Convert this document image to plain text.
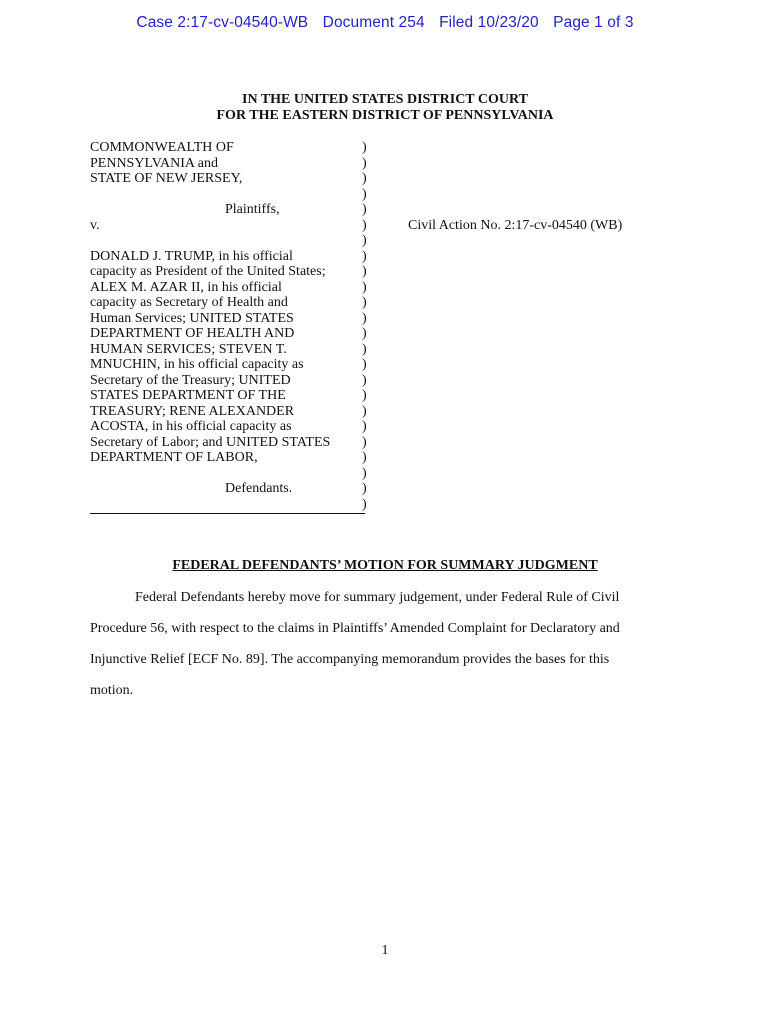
Case 2:17-cv-04540-WB Document 254 Filed 10/23/20 Page 1 of 3
IN THE UNITED STATES DISTRICT COURT
FOR THE EASTERN DISTRICT OF PENNSYLVANIA
COMMONWEALTH OF
PENNSYLVANIA and
STATE OF NEW JERSEY,
Plaintiffs,
v.
DONALD J. TRUMP, in his official
capacity as President of the United States;
ALEX M. AZAR II, in his official
capacity as Secretary of Health and
Human Services; UNITED STATES
DEPARTMENT OF HEALTH AND
HUMAN SERVICES; STEVEN T.
MNUCHIN, in his official capacity as
Secretary of the Treasury; UNITED
STATES DEPARTMENT OF THE
TREASURY; RENE ALEXANDER
ACOSTA, in his official capacity as
Secretary of Labor; and UNITED STATES
DEPARTMENT OF LABOR,
Defendants.
)
)
)
)
)
)
)
)
)
)
)
)
)
)
)
)
)
)
)
)
)
)
)
)
Civil Action No. 2:17-cv-04540 (WB)
FEDERAL DEFENDANTS’ MOTION FOR SUMMARY JUDGMENT
Federal Defendants hereby move for summary judgement, under Federal Rule of Civil
Procedure 56, with respect to the claims in Plaintiffs’ Amended Complaint for Declaratory and
Injunctive Relief [ECF No. 89]. The accompanying memorandum provides the bases for this
motion.
1
